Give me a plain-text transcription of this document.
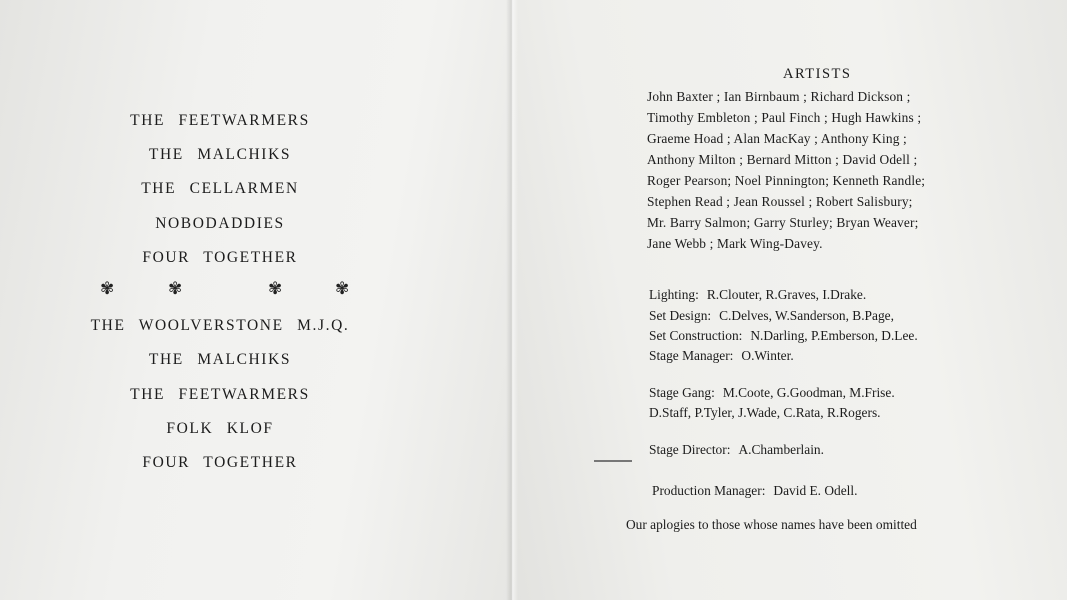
THE FEETWARMERS
THE MALCHIKS
THE CELLARMEN
NOBODADDIES
FOUR TOGETHER
✾	✾	✾	✾
THE WOOLVERSTONE M.J.Q.
THE MALCHIKS
THE FEETWARMERS
FOLK KLOF
FOUR TOGETHER
ARTISTS
John Baxter ; Ian Birnbaum ; Richard Dickson ;
Timothy Embleton ; Paul Finch ; Hugh Hawkins ;
Graeme Hoad ; Alan MacKay ; Anthony King ;
Anthony Milton ; Bernard Mitton ; David Odell ;
Roger Pearson; Noel Pinnington; Kenneth Randle;
Stephen Read ; Jean Roussel ; Robert Salisbury;
Mr. Barry Salmon; Garry Sturley; Bryan Weaver;
Jane Webb ; Mark Wing-Davey.
Lighting: R.Clouter, R.Graves, I.Drake.
Set Design: C.Delves, W.Sanderson, B.Page,
Set Construction: N.Darling, P.Emberson, D.Lee.
Stage Manager: O.Winter.
Stage Gang: M.Coote, G.Goodman, M.Frise.
D.Staff, P.Tyler, J.Wade, C.Rata, R.Rogers.
Stage Director: A.Chamberlain.
Production Manager: David E. Odell.
Our aplogies to those whose names have been omitted
